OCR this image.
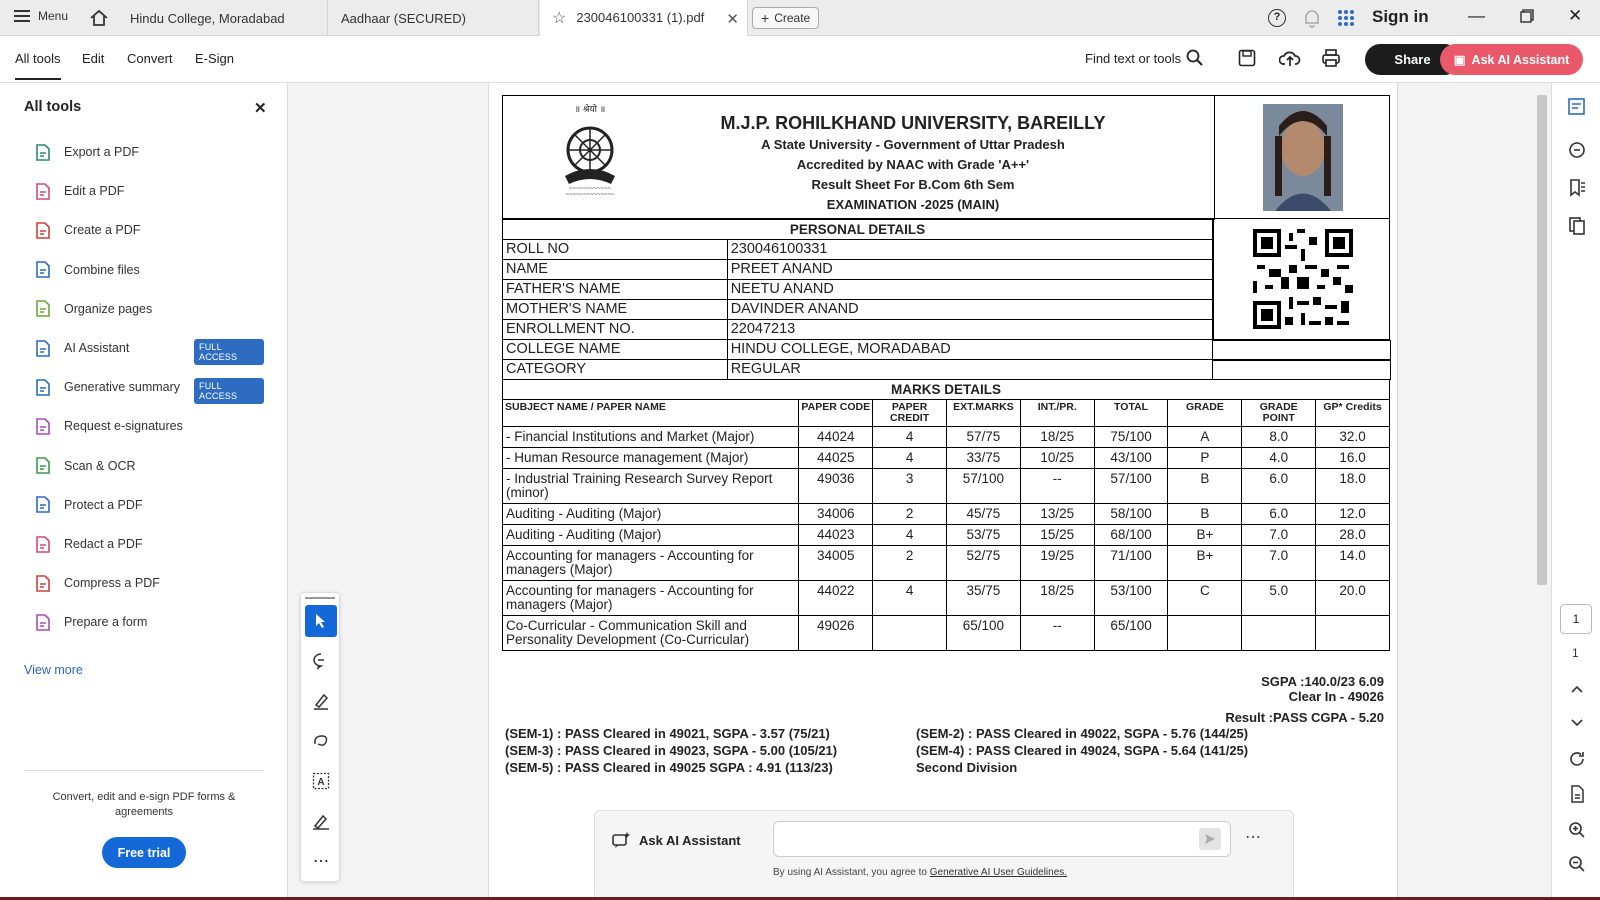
Menu	Hindu College, Moradabad	Aadhaar (SECURED)	☆ 230046100331 (1).pdf ✕ + Create	?	Sign in —	✕
All tools Edit Convert E-Sign	Find text or tools	Share	▣ Ask AI Assistant
All tools	✕
Export a PDF
Edit a PDF
Create a PDF
Combine files
Organize pages
AI Assistant	FULL ACCESS
Generative summary	FULL ACCESS
Request e-signatures
Scan & OCR
Protect a PDF
Redact a PDF
Compress a PDF
Prepare a form
View more
Convert, edit and e-sign PDF forms & agreements
Free trial
॥ श्रेयो ॥
~~~~~~~~~~~~
~~~~~~~~~~~~~~
M.J.P. ROHILKHAND UNIVERSITY, BAREILLY
A State University - Government of Uttar Pradesh
Accredited by NAAC with Grade 'A++'
Result Sheet For B.Com 6th Sem
EXAMINATION -2025 (MAIN)
PERSONAL DETAILS	
ROLL NO	230046100331
NAME	PREET ANAND
FATHER'S NAME	NEETU ANAND
MOTHER'S NAME	DAVINDER ANAND
ENROLLMENT NO.	22047213
COLLEGE NAME	HINDU COLLEGE, MORADABAD
CATEGORY	REGULAR
MARKS DETAILS								
SUBJECT NAME / PAPER NAME	PAPER CODE	PAPER CREDIT	EXT.MARKS	INT./PR.	TOTAL	GRADE	GRADE POINT	GP* Credits
- Financial Institutions and Market (Major)	44024	4	57/75	18/25	75/100	A	8.0	32.0
- Human Resource management (Major)	44025	4	33/75	10/25	43/100	P	4.0	16.0
- Industrial Training Research Survey Report (minor)	49036	3	57/100	--	57/100	B	6.0	18.0
Auditing - Auditing (Major)	34006	2	45/75	13/25	58/100	B	6.0	12.0
Auditing - Auditing (Major)	44023	4	53/75	15/25	68/100	B+	7.0	28.0
Accounting for managers - Accounting for managers (Major)	34005	2	52/75	19/25	71/100	B+	7.0	14.0
Accounting for managers - Accounting for managers (Major)	44022	4	35/75	18/25	53/100	C	5.0	20.0
Co-Curricular - Communication Skill and Personality Development (Co-Curricular)	49026		65/100	--	65/100			
SGPA :140.0/23 6.09
Clear In - 49026
Result :PASS CGPA - 5.20
(SEM-1) : PASS Cleared in 49021, SGPA - 3.57 (75/21)
(SEM-3) : PASS Cleared in 49023, SGPA - 5.00 (105/21)
(SEM-5) : PASS Cleared in 49025 SGPA : 4.91 (113/23)
(SEM-2) : PASS Cleared in 49022, SGPA - 5.76 (144/25)
(SEM-4) : PASS Cleared in 49024, SGPA - 5.64 (141/25)
Second Division
Ask AI Assistant	⋯
By using AI Assistant, you agree to Generative AI User Guidelines.
A
⋯
1
1
